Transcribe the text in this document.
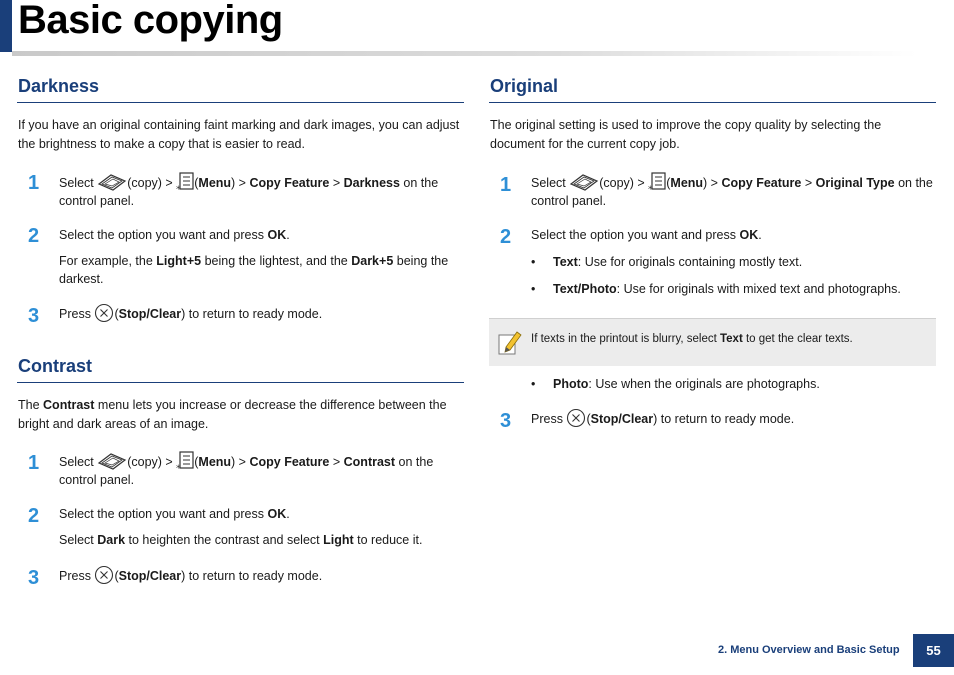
Basic copying
Darkness
If you have an original containing faint marking and dark images, you can adjust the brightness to make a copy that is easier to read.
1 Select	(copy) > * (Menu) > Copy Feature > Darkness on the control panel.
2 Select the option you want and press OK.
For example, the Light+5 being the lightest, and the Dark+5 being the darkest.
3 Press (Stop/Clear) to return to ready mode.
Contrast
The Contrast menu lets you increase or decrease the difference between the bright and dark areas of an image.
1 Select	(copy) > * (Menu) > Copy Feature > Contrast on the control panel.
2 Select the option you want and press OK.
Select Dark to heighten the contrast and select Light to reduce it.
3 Press (Stop/Clear) to return to ready mode.
Original
The original setting is used to improve the copy quality by selecting the document for the current copy job.
1 Select	(copy) > * (Menu) > Copy Feature > Original Type on the control panel.
2 Select the option you want and press OK.
• Text: Use for originals containing mostly text.
• Text/Photo: Use for originals with mixed text and photographs.
If texts in the printout is blurry, select Text to get the clear texts.
• Photo: Use when the originals are photographs.
3 Press (Stop/Clear) to return to ready mode.
2. Menu Overview and Basic Setup	55
